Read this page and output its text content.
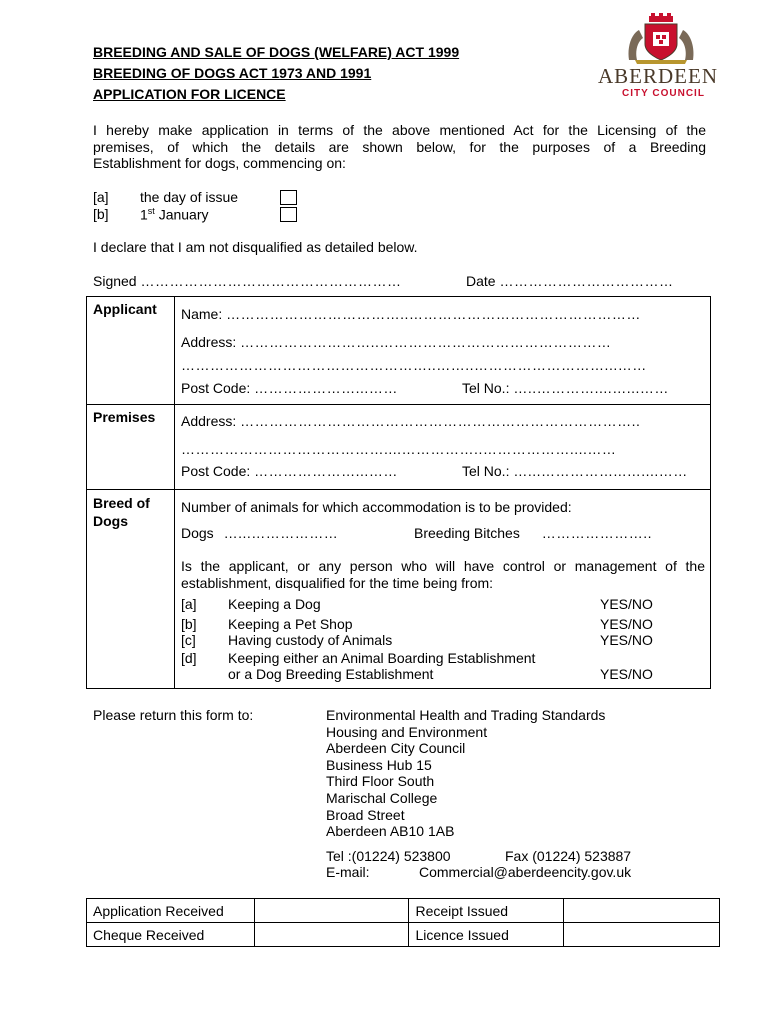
BREEDING AND SALE OF DOGS (WELFARE) ACT 1999
BREEDING OF DOGS ACT 1973 AND 1991
APPLICATION FOR LICENCE
ABERDEEN
CITY COUNCIL
I hereby make application in terms of the above mentioned Act for the Licensing of the
premises, of which the details are shown below, for the purposes of a Breeding
Establishment for dogs, commencing on:
[a] the day of issue
[b] 1st January
I declare that I am not disqualified as detailed below.
Signed ………………………………………………	Date ………………………………
Applicant Name: ………………………………..…………………………………………
Address: ………………………..…………………………………………
……………………………………………..……..………………………...……
Post Code: …………………...……	Tel No.: …..…………....…...……
Premises Address: ………………………………………………………………………..
……………………………………....……………..………………....……
Post Code: …………………...……	Tel No.: …...……………...…....……
Breed of
Dogs
Number of animals for which accommodation is to be provided:
Dogs …...………………	Breeding Bitches …………………..
Is the applicant, or any person who will have control or management of the
establishment, disqualified for the time being from:
[a] Keeping a Dog	YES/NO
[b] Keeping a Pet Shop	YES/NO
[c] Having custody of Animals	YES/NO
[d] Keeping either an Animal Boarding Establishment
or a Dog Breeding Establishment	YES/NO
Please return this form to:	Environmental Health and Trading Standards
Housing and Environment
Aberdeen City Council
Business Hub 15
Third Floor South
Marischal College
Broad Street
Aberdeen AB10 1AB
Tel :(01224) 523800	Fax (01224) 523887
E-mail:	Commercial@aberdeencity.gov.uk
Application Received		Receipt Issued	
Cheque Received		Licence Issued	
